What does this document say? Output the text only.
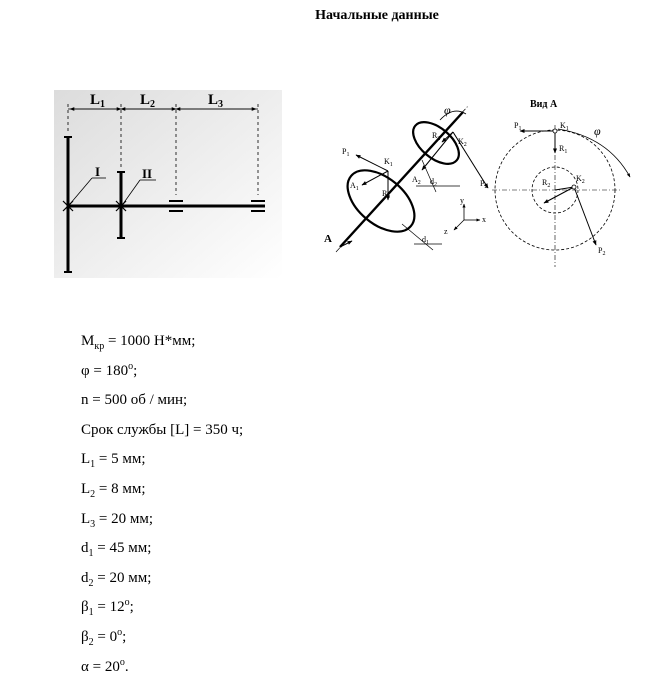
Начальные данные
$L_1$ $L_2$	$L_3$
I	II
$P_1$
$K_1$
$A_1$	$R_1$
$R_2$ $K_2$
$A_2$	$P_2$
$d_1$
$d_2$
y
x
z
φ
A
Вид А
$P_1$	$K_1$
$R_1$
$R_2$
$K_2$
$P_2$
φ
$M_{кр} = 1000$ Н*мм;
$\varphi = 180^о$;
n = 500 об / мин;
Срок службы [L] = 350 ч;
$L_1 = 5$ мм;
$L_2 = 8$ мм;
$L_3 = 20$ мм;
$d_1 = 45$ мм;
$d_2 = 20$ мм;
$\beta_1 = 12^о$;
$\beta_2 = 0^о$;
$\alpha = 20^о$.
